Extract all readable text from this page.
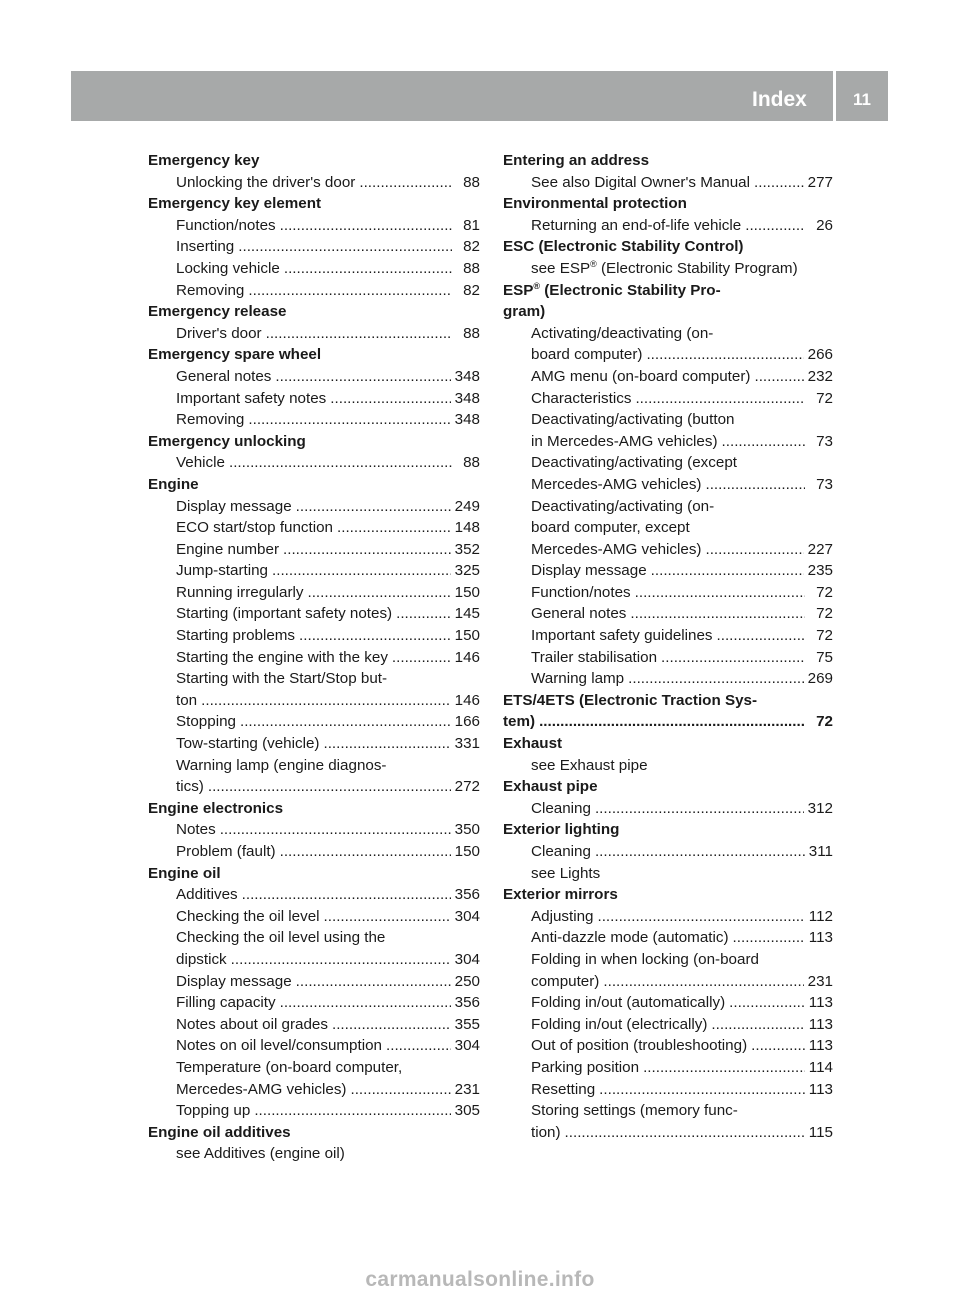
Index	11
Emergency key
Unlocking the driver's door .....	88
Emergency key element
Function/notes .....	81
Inserting .....	82
Locking vehicle .....	88
Removing .....	82
Emergency release
Driver's door .....	88
Emergency spare wheel
General notes .....	348
Important safety notes .....	348
Removing .....	348
Emergency unlocking
Vehicle .....	88
Engine
Display message .....	249
ECO start/stop function .....	148
Engine number .....	352
Jump-starting .....	325
Running irregularly .....	150
Starting (important safety notes) .....	145
Starting problems .....	150
Starting the engine with the key .....	146
Starting with the Start/Stop but-
ton .....	146
Stopping .....	166
Tow-starting (vehicle) .....	331
Warning lamp (engine diagnos-
tics) .....	272
Engine electronics
Notes .....	350
Problem (fault) .....	150
Engine oil
Additives .....	356
Checking the oil level .....	304
Checking the oil level using the
dipstick .....	304
Display message .....	250
Filling capacity .....	356
Notes about oil grades .....	355
Notes on oil level/consumption .....	304
Temperature (on-board computer,
Mercedes-AMG vehicles) .....	231
Topping up .....	305
Engine oil additives
see Additives (engine oil)
Entering an address
See also Digital Owner's Manual .....	277
Environmental protection
Returning an end-of-life vehicle .....	26
ESC (Electronic Stability Control)
see ESP® (Electronic Stability Program)
ESP® (Electronic Stability Pro-
gram)
Activating/deactivating (on-
board computer) .....	266
AMG menu (on-board computer) .....	232
Characteristics .....	72
Deactivating/activating (button
in Mercedes-AMG vehicles) .....	73
Deactivating/activating (except
Mercedes-AMG vehicles) .....	73
Deactivating/activating (on-
board computer, except
Mercedes-AMG vehicles) .....	227
Display message .....	235
Function/notes .....	72
General notes .....	72
Important safety guidelines .....	72
Trailer stabilisation .....	75
Warning lamp .....	269
ETS/4ETS (Electronic Traction Sys-
tem) .....	72
Exhaust
see Exhaust pipe
Exhaust pipe
Cleaning .....	312
Exterior lighting
Cleaning .....	311
see Lights
Exterior mirrors
Adjusting .....	112
Anti-dazzle mode (automatic) .....	113
Folding in when locking (on-board
computer) .....	231
Folding in/out (automatically) .....	113
Folding in/out (electrically) .....	113
Out of position (troubleshooting) .....	113
Parking position .....	114
Resetting .....	113
Storing settings (memory func-
tion) .....	115
carmanualsonline.info
